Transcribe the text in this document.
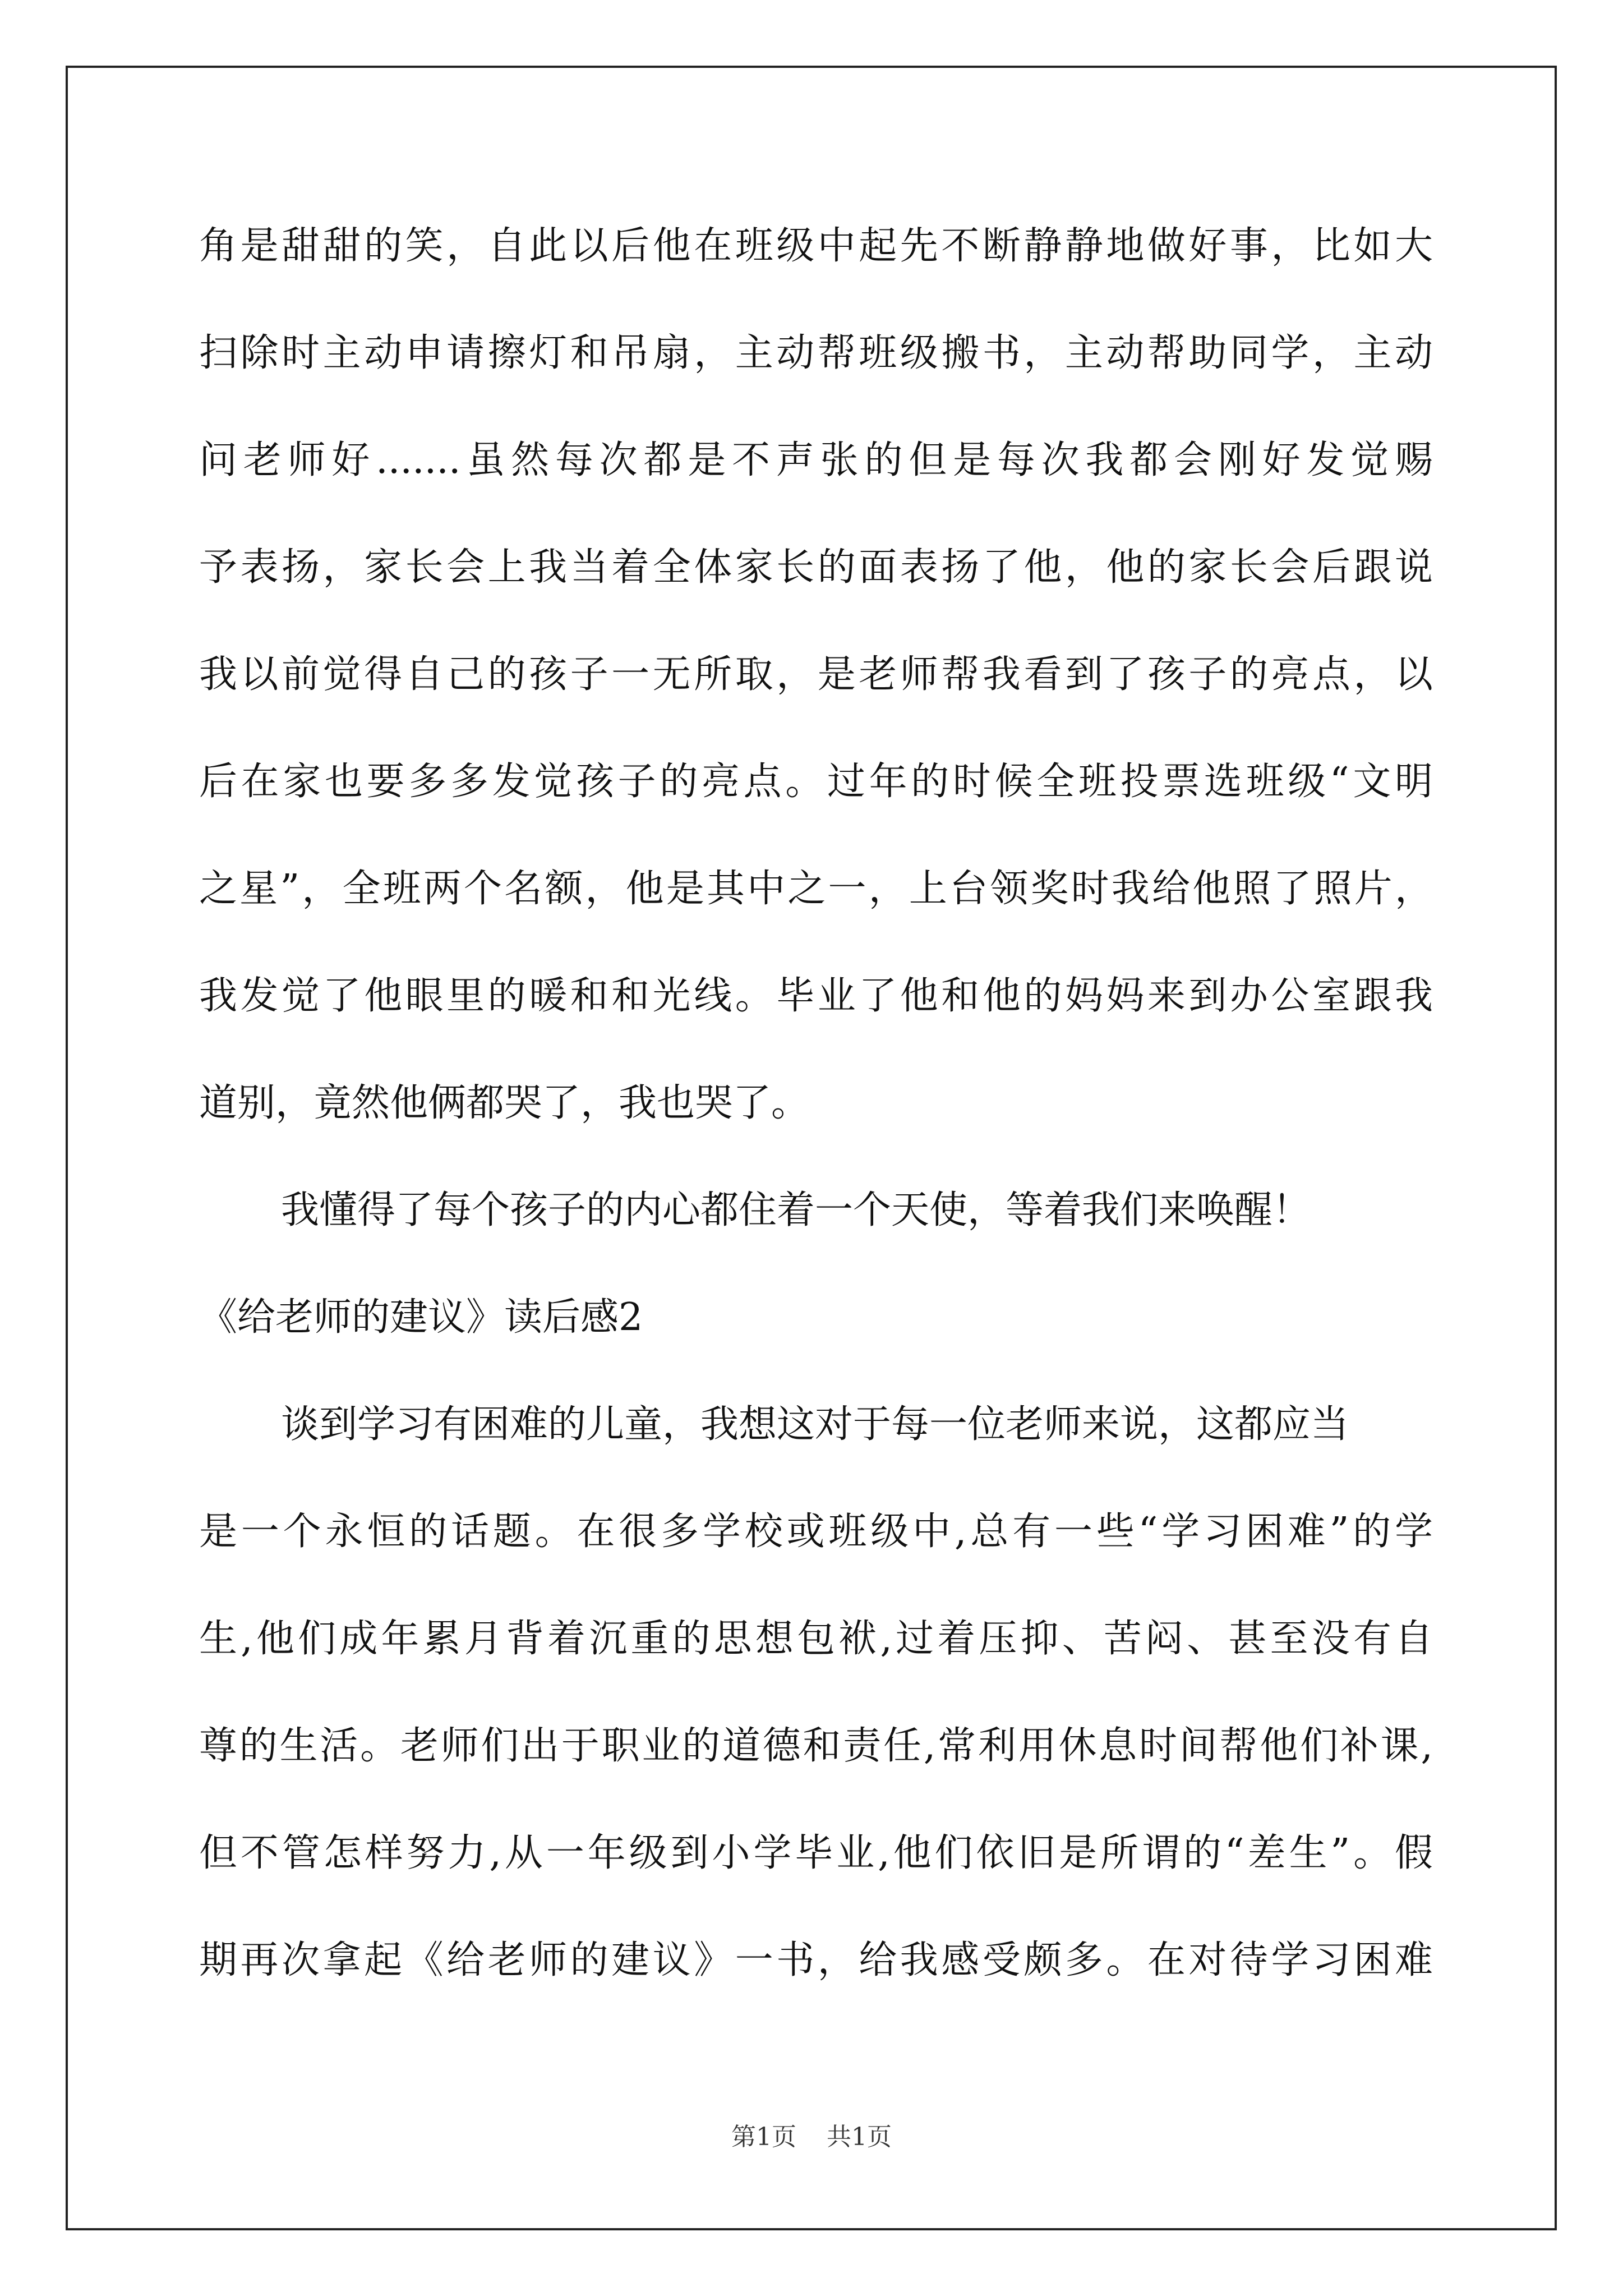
角是甜甜的笑，自此以后他在班级中起先不断静静地做好事，比如大
扫除时主动申请擦灯和吊扇，主动帮班级搬书，主动帮助同学，主动
问老师好.......虽然每次都是不声张的但是每次我都会刚好发觉赐
予表扬，家长会上我当着全体家长的面表扬了他，他的家长会后跟说
我以前觉得自己的孩子一无所取，是老师帮我看到了孩子的亮点，以
后在家也要多多发觉孩子的亮点。过年的时候全班投票选班级“文明
之星”，全班两个名额，他是其中之一，上台领奖时我给他照了照片，
我发觉了他眼里的暖和和光线。毕业了他和他的妈妈来到办公室跟我
道别，竟然他俩都哭了，我也哭了。
我懂得了每个孩子的内心都住着一个天使，等着我们来唤醒！
《给老师的建议》读后感2
谈到学习有困难的儿童，我想这对于每一位老师来说，这都应当
是一个永恒的话题。在很多学校或班级中,总有一些“学习困难”的学
生,他们成年累月背着沉重的思想包袱,过着压抑、苦闷、甚至没有自
尊的生活。老师们出于职业的道德和责任,常利用休息时间帮他们补课,
但不管怎样努力,从一年级到小学毕业,他们依旧是所谓的“差生”。假
期再次拿起《给老师的建议》一书，给我感受颇多。在对待学习困难
第1页 共1页
